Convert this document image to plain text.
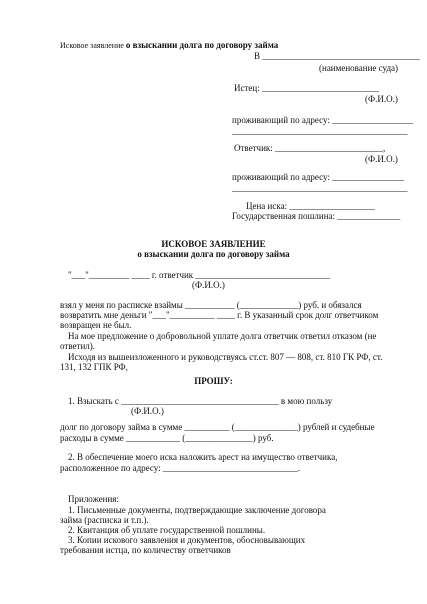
Исковое заявление о взыскании долга по договору займа
В ___________________________________
(наименование суда)
Истец: __________________________
(Ф.И.О.)
проживающий по адресу: __________________
_______________________________________
Ответчик: ________________________,
(Ф.И.О.)
проживающий по адресу: ________________
_______________________________________
Цена иска: ___________________
Государственная пошлина: ______________
ИСКОВОЕ ЗАЯВЛЕНИЕ
о взыскании долга по договору займа
"___"_________ ____ г. ответчик ______________________________
(Ф.И.О.)
взял у меня по расписке взаймы ___________ (_____________) руб. и обязался
возвратить мне деньги "___"__________ ____ г. В указанный срок долг ответчиком
возвращен не был.
На мое предложение о добровольной уплате долга ответчик ответил отказом (не
ответил).
Исходя из вышеизложенного и руководствуясь ст.ст. 807 — 808, ст. 810 ГК РФ, ст.
131, 132 ГПК РФ,
ПРОШУ:
1. Взыскать с ___________________________________ в мою пользу
(Ф.И.О.)
долг по договору займа в сумме __________ (______________) рублей и судебные
расходы в сумме ____________ (_______________) руб.
2. В обеспечение моего иска наложить арест на имущество ответчика,
расположенное по адресу: ______________________________.
Приложения:
1. Письменные документы, подтверждающие заключение договора
займа (расписка и т.п.).
2. Квитанция об уплате государственной пошлины.
3. Копии искового заявления и документов, обосновывающих
требования истца, по количеству ответчиков
